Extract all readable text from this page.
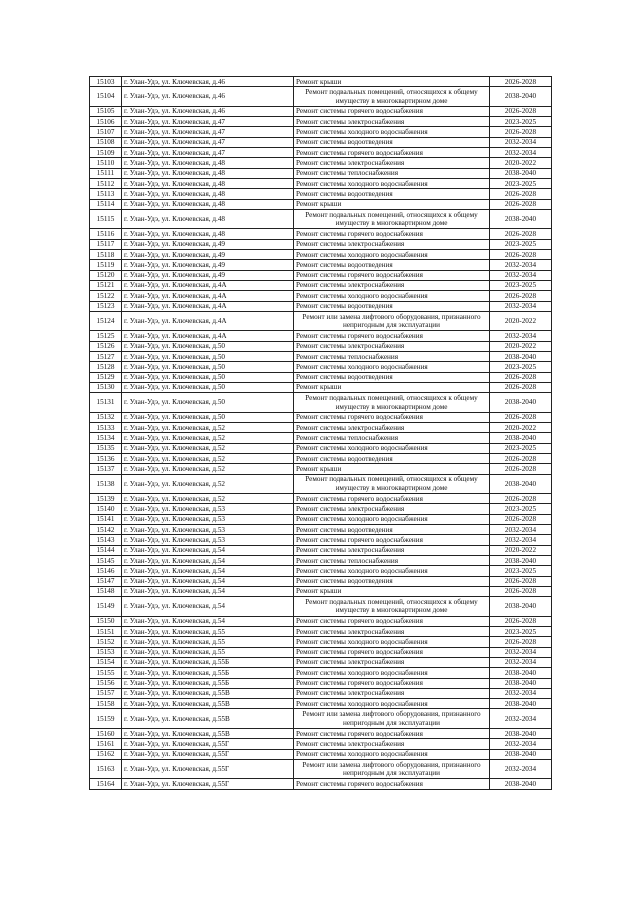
15103	г. Улан-Удэ, ул. Ключевская, д.46	Ремонт крыши	2026-2028
15104	г. Улан-Удэ, ул. Ключевская, д.46	Ремонт подвальных помещений, относящихся к общему имуществу в многоквартирном доме	2038-2040
15105	г. Улан-Удэ, ул. Ключевская, д.46	Ремонт системы горячего водоснабжения	2026-2028
15106	г. Улан-Удэ, ул. Ключевская, д.47	Ремонт системы электроснабжения	2023-2025
15107	г. Улан-Удэ, ул. Ключевская, д.47	Ремонт системы холодного водоснабжения	2026-2028
15108	г. Улан-Удэ, ул. Ключевская, д.47	Ремонт системы водоотведения	2032-2034
15109	г. Улан-Удэ, ул. Ключевская, д.47	Ремонт системы горячего водоснабжения	2032-2034
15110	г. Улан-Удэ, ул. Ключевская, д.48	Ремонт системы электроснабжения	2020-2022
15111	г. Улан-Удэ, ул. Ключевская, д.48	Ремонт системы теплоснабжения	2038-2040
15112	г. Улан-Удэ, ул. Ключевская, д.48	Ремонт системы холодного водоснабжения	2023-2025
15113	г. Улан-Удэ, ул. Ключевская, д.48	Ремонт системы водоотведения	2026-2028
15114	г. Улан-Удэ, ул. Ключевская, д.48	Ремонт крыши	2026-2028
15115	г. Улан-Удэ, ул. Ключевская, д.48	Ремонт подвальных помещений, относящихся к общему имуществу в многоквартирном доме	2038-2040
15116	г. Улан-Удэ, ул. Ключевская, д.48	Ремонт системы горячего водоснабжения	2026-2028
15117	г. Улан-Удэ, ул. Ключевская, д.49	Ремонт системы электроснабжения	2023-2025
15118	г. Улан-Удэ, ул. Ключевская, д.49	Ремонт системы холодного водоснабжения	2026-2028
15119	г. Улан-Удэ, ул. Ключевская, д.49	Ремонт системы водоотведения	2032-2034
15120	г. Улан-Удэ, ул. Ключевская, д.49	Ремонт системы горячего водоснабжения	2032-2034
15121	г. Улан-Удэ, ул. Ключевская, д.4А	Ремонт системы электроснабжения	2023-2025
15122	г. Улан-Удэ, ул. Ключевская, д.4А	Ремонт системы холодного водоснабжения	2026-2028
15123	г. Улан-Удэ, ул. Ключевская, д.4А	Ремонт системы водоотведения	2032-2034
15124	г. Улан-Удэ, ул. Ключевская, д.4А	Ремонт или замена лифтового оборудования, признанного непригодным для эксплуатации	2020-2022
15125	г. Улан-Удэ, ул. Ключевская, д.4А	Ремонт системы горячего водоснабжения	2032-2034
15126	г. Улан-Удэ, ул. Ключевская, д.50	Ремонт системы электроснабжения	2020-2022
15127	г. Улан-Удэ, ул. Ключевская, д.50	Ремонт системы теплоснабжения	2038-2040
15128	г. Улан-Удэ, ул. Ключевская, д.50	Ремонт системы холодного водоснабжения	2023-2025
15129	г. Улан-Удэ, ул. Ключевская, д.50	Ремонт системы водоотведения	2026-2028
15130	г. Улан-Удэ, ул. Ключевская, д.50	Ремонт крыши	2026-2028
15131	г. Улан-Удэ, ул. Ключевская, д.50	Ремонт подвальных помещений, относящихся к общему имуществу в многоквартирном доме	2038-2040
15132	г. Улан-Удэ, ул. Ключевская, д.50	Ремонт системы горячего водоснабжения	2026-2028
15133	г. Улан-Удэ, ул. Ключевская, д.52	Ремонт системы электроснабжения	2020-2022
15134	г. Улан-Удэ, ул. Ключевская, д.52	Ремонт системы теплоснабжения	2038-2040
15135	г. Улан-Удэ, ул. Ключевская, д.52	Ремонт системы холодного водоснабжения	2023-2025
15136	г. Улан-Удэ, ул. Ключевская, д.52	Ремонт системы водоотведения	2026-2028
15137	г. Улан-Удэ, ул. Ключевская, д.52	Ремонт крыши	2026-2028
15138	г. Улан-Удэ, ул. Ключевская, д.52	Ремонт подвальных помещений, относящихся к общему имуществу в многоквартирном доме	2038-2040
15139	г. Улан-Удэ, ул. Ключевская, д.52	Ремонт системы горячего водоснабжения	2026-2028
15140	г. Улан-Удэ, ул. Ключевская, д.53	Ремонт системы электроснабжения	2023-2025
15141	г. Улан-Удэ, ул. Ключевская, д.53	Ремонт системы холодного водоснабжения	2026-2028
15142	г. Улан-Удэ, ул. Ключевская, д.53	Ремонт системы водоотведения	2032-2034
15143	г. Улан-Удэ, ул. Ключевская, д.53	Ремонт системы горячего водоснабжения	2032-2034
15144	г. Улан-Удэ, ул. Ключевская, д.54	Ремонт системы электроснабжения	2020-2022
15145	г. Улан-Удэ, ул. Ключевская, д.54	Ремонт системы теплоснабжения	2038-2040
15146	г. Улан-Удэ, ул. Ключевская, д.54	Ремонт системы холодного водоснабжения	2023-2025
15147	г. Улан-Удэ, ул. Ключевская, д.54	Ремонт системы водоотведения	2026-2028
15148	г. Улан-Удэ, ул. Ключевская, д.54	Ремонт крыши	2026-2028
15149	г. Улан-Удэ, ул. Ключевская, д.54	Ремонт подвальных помещений, относящихся к общему имуществу в многоквартирном доме	2038-2040
15150	г. Улан-Удэ, ул. Ключевская, д.54	Ремонт системы горячего водоснабжения	2026-2028
15151	г. Улан-Удэ, ул. Ключевская, д.55	Ремонт системы электроснабжения	2023-2025
15152	г. Улан-Удэ, ул. Ключевская, д.55	Ремонт системы холодного водоснабжения	2026-2028
15153	г. Улан-Удэ, ул. Ключевская, д.55	Ремонт системы горячего водоснабжения	2032-2034
15154	г. Улан-Удэ, ул. Ключевская, д.55Б	Ремонт системы электроснабжения	2032-2034
15155	г. Улан-Удэ, ул. Ключевская, д.55Б	Ремонт системы холодного водоснабжения	2038-2040
15156	г. Улан-Удэ, ул. Ключевская, д.55Б	Ремонт системы горячего водоснабжения	2038-2040
15157	г. Улан-Удэ, ул. Ключевская, д.55В	Ремонт системы электроснабжения	2032-2034
15158	г. Улан-Удэ, ул. Ключевская, д.55В	Ремонт системы холодного водоснабжения	2038-2040
15159	г. Улан-Удэ, ул. Ключевская, д.55В	Ремонт или замена лифтового оборудования, признанного непригодным для эксплуатации	2032-2034
15160	г. Улан-Удэ, ул. Ключевская, д.55В	Ремонт системы горячего водоснабжения	2038-2040
15161	г. Улан-Удэ, ул. Ключевская, д.55Г	Ремонт системы электроснабжения	2032-2034
15162	г. Улан-Удэ, ул. Ключевская, д.55Г	Ремонт системы холодного водоснабжения	2038-2040
15163	г. Улан-Удэ, ул. Ключевская, д.55Г	Ремонт или замена лифтового оборудования, признанного непригодным для эксплуатации	2032-2034
15164	г. Улан-Удэ, ул. Ключевская, д.55Г	Ремонт системы горячего водоснабжения	2038-2040
